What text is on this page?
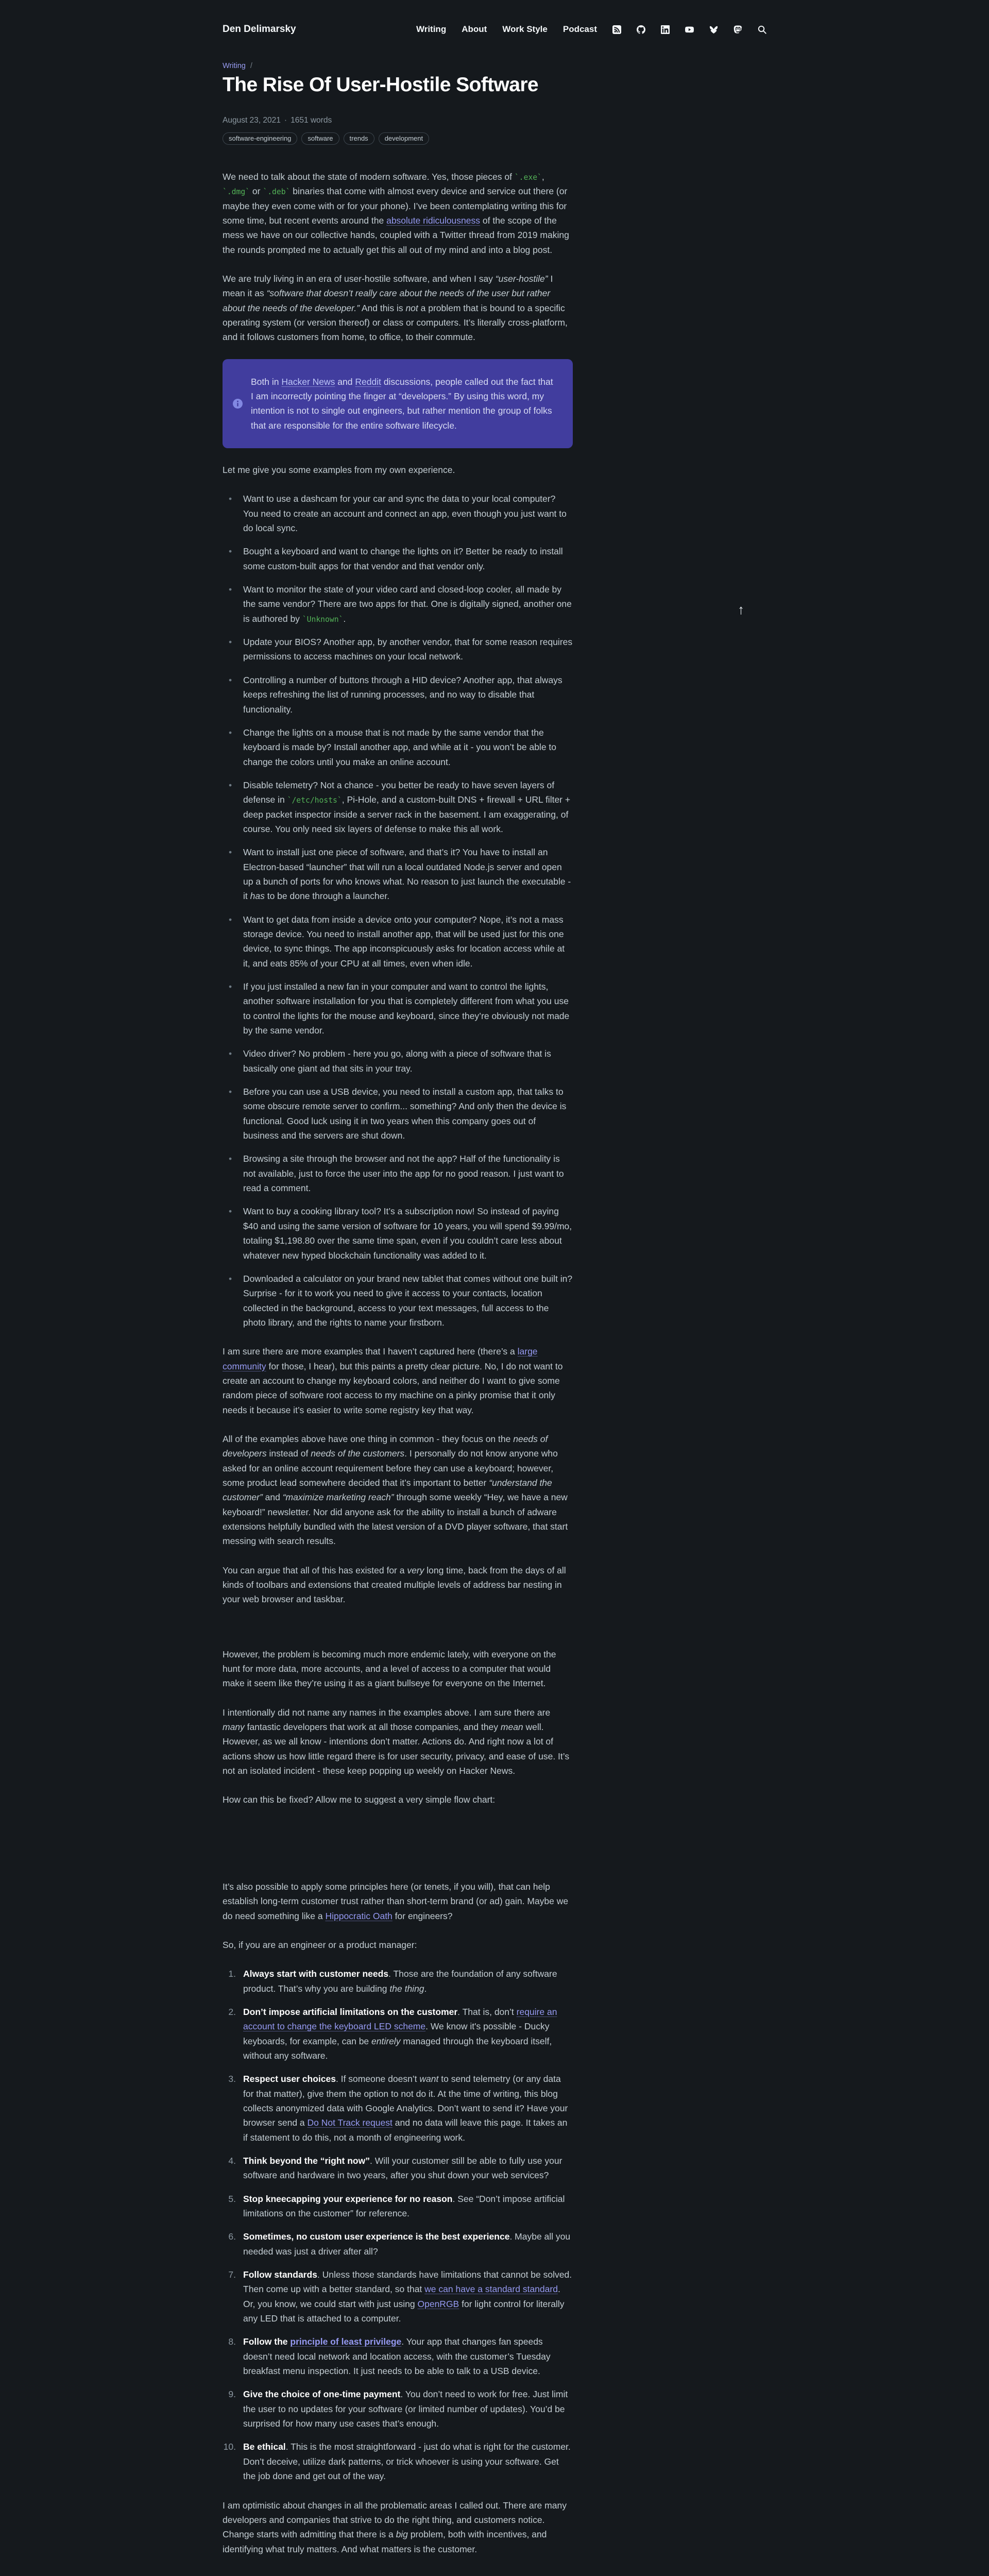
Den Delimarsky	Writing About Work Style Podcast
Writing /
The Rise Of User-Hostile Software
August 23, 2021 · 1651 words
software-engineering	software	trends	development

We need to talk about the state of modern software. Yes, those pieces of `.exe`, `.dmg` or `.deb` binaries that come with almost every device and service out there (or maybe they even come with or for your phone). I’ve been contemplating writing this for some time, but recent events around the absolute ridiculousness of the scope of the mess we have on our collective hands, coupled with a Twitter thread from 2019 making the rounds prompted me to actually get this all out of my mind and into a blog post.

We are truly living in an era of user-hostile software, and when I say “user-hostile” I mean it as “software that doesn’t really care about the needs of the user but rather about the needs of the developer.” And this is not a problem that is bound to a specific operating system (or version thereof) or class or computers. It’s literally cross-platform, and it follows customers from home, to office, to their commute.

Both in Hacker News and Reddit discussions, people called out the fact that I am incorrectly pointing the finger at “developers.” By using this word, my intention is not to single out engineers, but rather mention the group of folks that are responsible for the entire software lifecycle.

Let me give you some examples from my own experience.

• Want to use a dashcam for your car and sync the data to your local computer? You need to create an account and connect an app, even though you just want to do local sync.
• Bought a keyboard and want to change the lights on it? Better be ready to install some custom-built apps for that vendor and that vendor only.
• Want to monitor the state of your video card and closed-loop cooler, all made by the same vendor? There are two apps for that. One is digitally signed, another one is authored by `Unknown`.
• Update your BIOS? Another app, by another vendor, that for some reason requires permissions to access machines on your local network.
• Controlling a number of buttons through a HID device? Another app, that always keeps refreshing the list of running processes, and no way to disable that functionality.
• Change the lights on a mouse that is not made by the same vendor that the keyboard is made by? Install another app, and while at it - you won’t be able to change the colors until you make an online account.
• Disable telemetry? Not a chance - you better be ready to have seven layers of defense in `/etc/hosts`, Pi-Hole, and a custom-built DNS + firewall + URL filter + deep packet inspector inside a server rack in the basement. I am exaggerating, of course. You only need six layers of defense to make this all work.
• Want to install just one piece of software, and that’s it? You have to install an Electron-based “launcher” that will run a local outdated Node.js server and open up a bunch of ports for who knows what. No reason to just launch the executable - it has to be done through a launcher.
• Want to get data from inside a device onto your computer? Nope, it’s not a mass storage device. You need to install another app, that will be used just for this one device, to sync things. The app inconspicuously asks for location access while at it, and eats 85% of your CPU at all times, even when idle.
• If you just installed a new fan in your computer and want to control the lights, another software installation for you that is completely different from what you use to control the lights for the mouse and keyboard, since they’re obviously not made by the same vendor.
• Video driver? No problem - here you go, along with a piece of software that is basically one giant ad that sits in your tray.
• Before you can use a USB device, you need to install a custom app, that talks to some obscure remote server to confirm... something? And only then the device is functional. Good luck using it in two years when this company goes out of business and the servers are shut down.
• Browsing a site through the browser and not the app? Half of the functionality is not available, just to force the user into the app for no good reason. I just want to read a comment.
• Want to buy a cooking library tool? It’s a subscription now! So instead of paying $40 and using the same version of software for 10 years, you will spend $9.99/mo, totaling $1,198.80 over the same time span, even if you couldn’t care less about whatever new hyped blockchain functionality was added to it.
• Downloaded a calculator on your brand new tablet that comes without one built in? Surprise - for it to work you need to give it access to your contacts, location collected in the background, access to your text messages, full access to the photo library, and the rights to name your firstborn.

I am sure there are more examples that I haven’t captured here (there’s a large community for those, I hear), but this paints a pretty clear picture. No, I do not want to create an account to change my keyboard colors, and neither do I want to give some random piece of software root access to my machine on a pinky promise that it only needs it because it’s easier to write some registry key that way.

All of the examples above have one thing in common - they focus on the needs of developers instead of needs of the customers. I personally do not know anyone who asked for an online account requirement before they can use a keyboard; however, some product lead somewhere decided that it’s important to better “understand the customer” and “maximize marketing reach” through some weekly “Hey, we have a new keyboard!” newsletter. Nor did anyone ask for the ability to install a bunch of adware extensions helpfully bundled with the latest version of a DVD player software, that start messing with search results.

You can argue that all of this has existed for a very long time, back from the days of all kinds of toolbars and extensions that created multiple levels of address bar nesting in your web browser and taskbar.

However, the problem is becoming much more endemic lately, with everyone on the hunt for more data, more accounts, and a level of access to a computer that would make it seem like they’re using it as a giant bullseye for everyone on the Internet.

I intentionally did not name any names in the examples above. I am sure there are many fantastic developers that work at all those companies, and they mean well. However, as we all know - intentions don’t matter. Actions do. And right now a lot of actions show us how little regard there is for user security, privacy, and ease of use. It’s not an isolated incident - these keep popping up weekly on Hacker News.

How can this be fixed? Allow me to suggest a very simple flow chart:

It’s also possible to apply some principles here (or tenets, if you will), that can help establish long-term customer trust rather than short-term brand (or ad) gain. Maybe we do need something like a Hippocratic Oath for engineers?

So, if you are an engineer or a product manager:

Always start with customer needs. Those are the foundation of any software product. That’s why you are building the thing.
Don’t impose artificial limitations on the customer. That is, don’t require an account to change the keyboard LED scheme. We know it's possible - Ducky keyboards, for example, can be entirely managed through the keyboard itself, without any software.
Respect user choices. If someone doesn’t want to send telemetry (or any data for that matter), give them the option to not do it. At the time of writing, this blog collects anonymized data with Google Analytics. Don’t want to send it? Have your browser send a Do Not Track request and no data will leave this page. It takes an if statement to do this, not a month of engineering work.
Think beyond the “right now”. Will your customer still be able to fully use your software and hardware in two years, after you shut down your web services?
Stop kneecapping your experience for no reason. See “Don’t impose artificial limitations on the customer” for reference.
Sometimes, no custom user experience is the best experience. Maybe all you needed was just a driver after all?
Follow standards. Unless those standards have limitations that cannot be solved. Then come up with a better standard, so that we can have a standard standard. Or, you know, we could start with just using OpenRGB for light control for literally any LED that is attached to a computer.
Follow the principle of least privilege. Your app that changes fan speeds doesn’t need local network and location access, with the customer’s Tuesday breakfast menu inspection. It just needs to be able to talk to a USB device.
Give the choice of one-time payment. You don’t need to work for free. Just limit the user to no updates for your software (or limited number of updates). You’d be surprised for how many use cases that’s enough.
Be ethical. This is the most straightforward - just do what is right for the customer. Don’t deceive, utilize dark patterns, or trick whoever is using your software. Get the job done and get out of the way.

I am optimistic about changes in all the problematic areas I called out. There are many developers and companies that strive to do the right thing, and customers notice. Change starts with admitting that there is a big problem, both with incentives, and identifying what truly matters. And what matters is the customer.

↑
